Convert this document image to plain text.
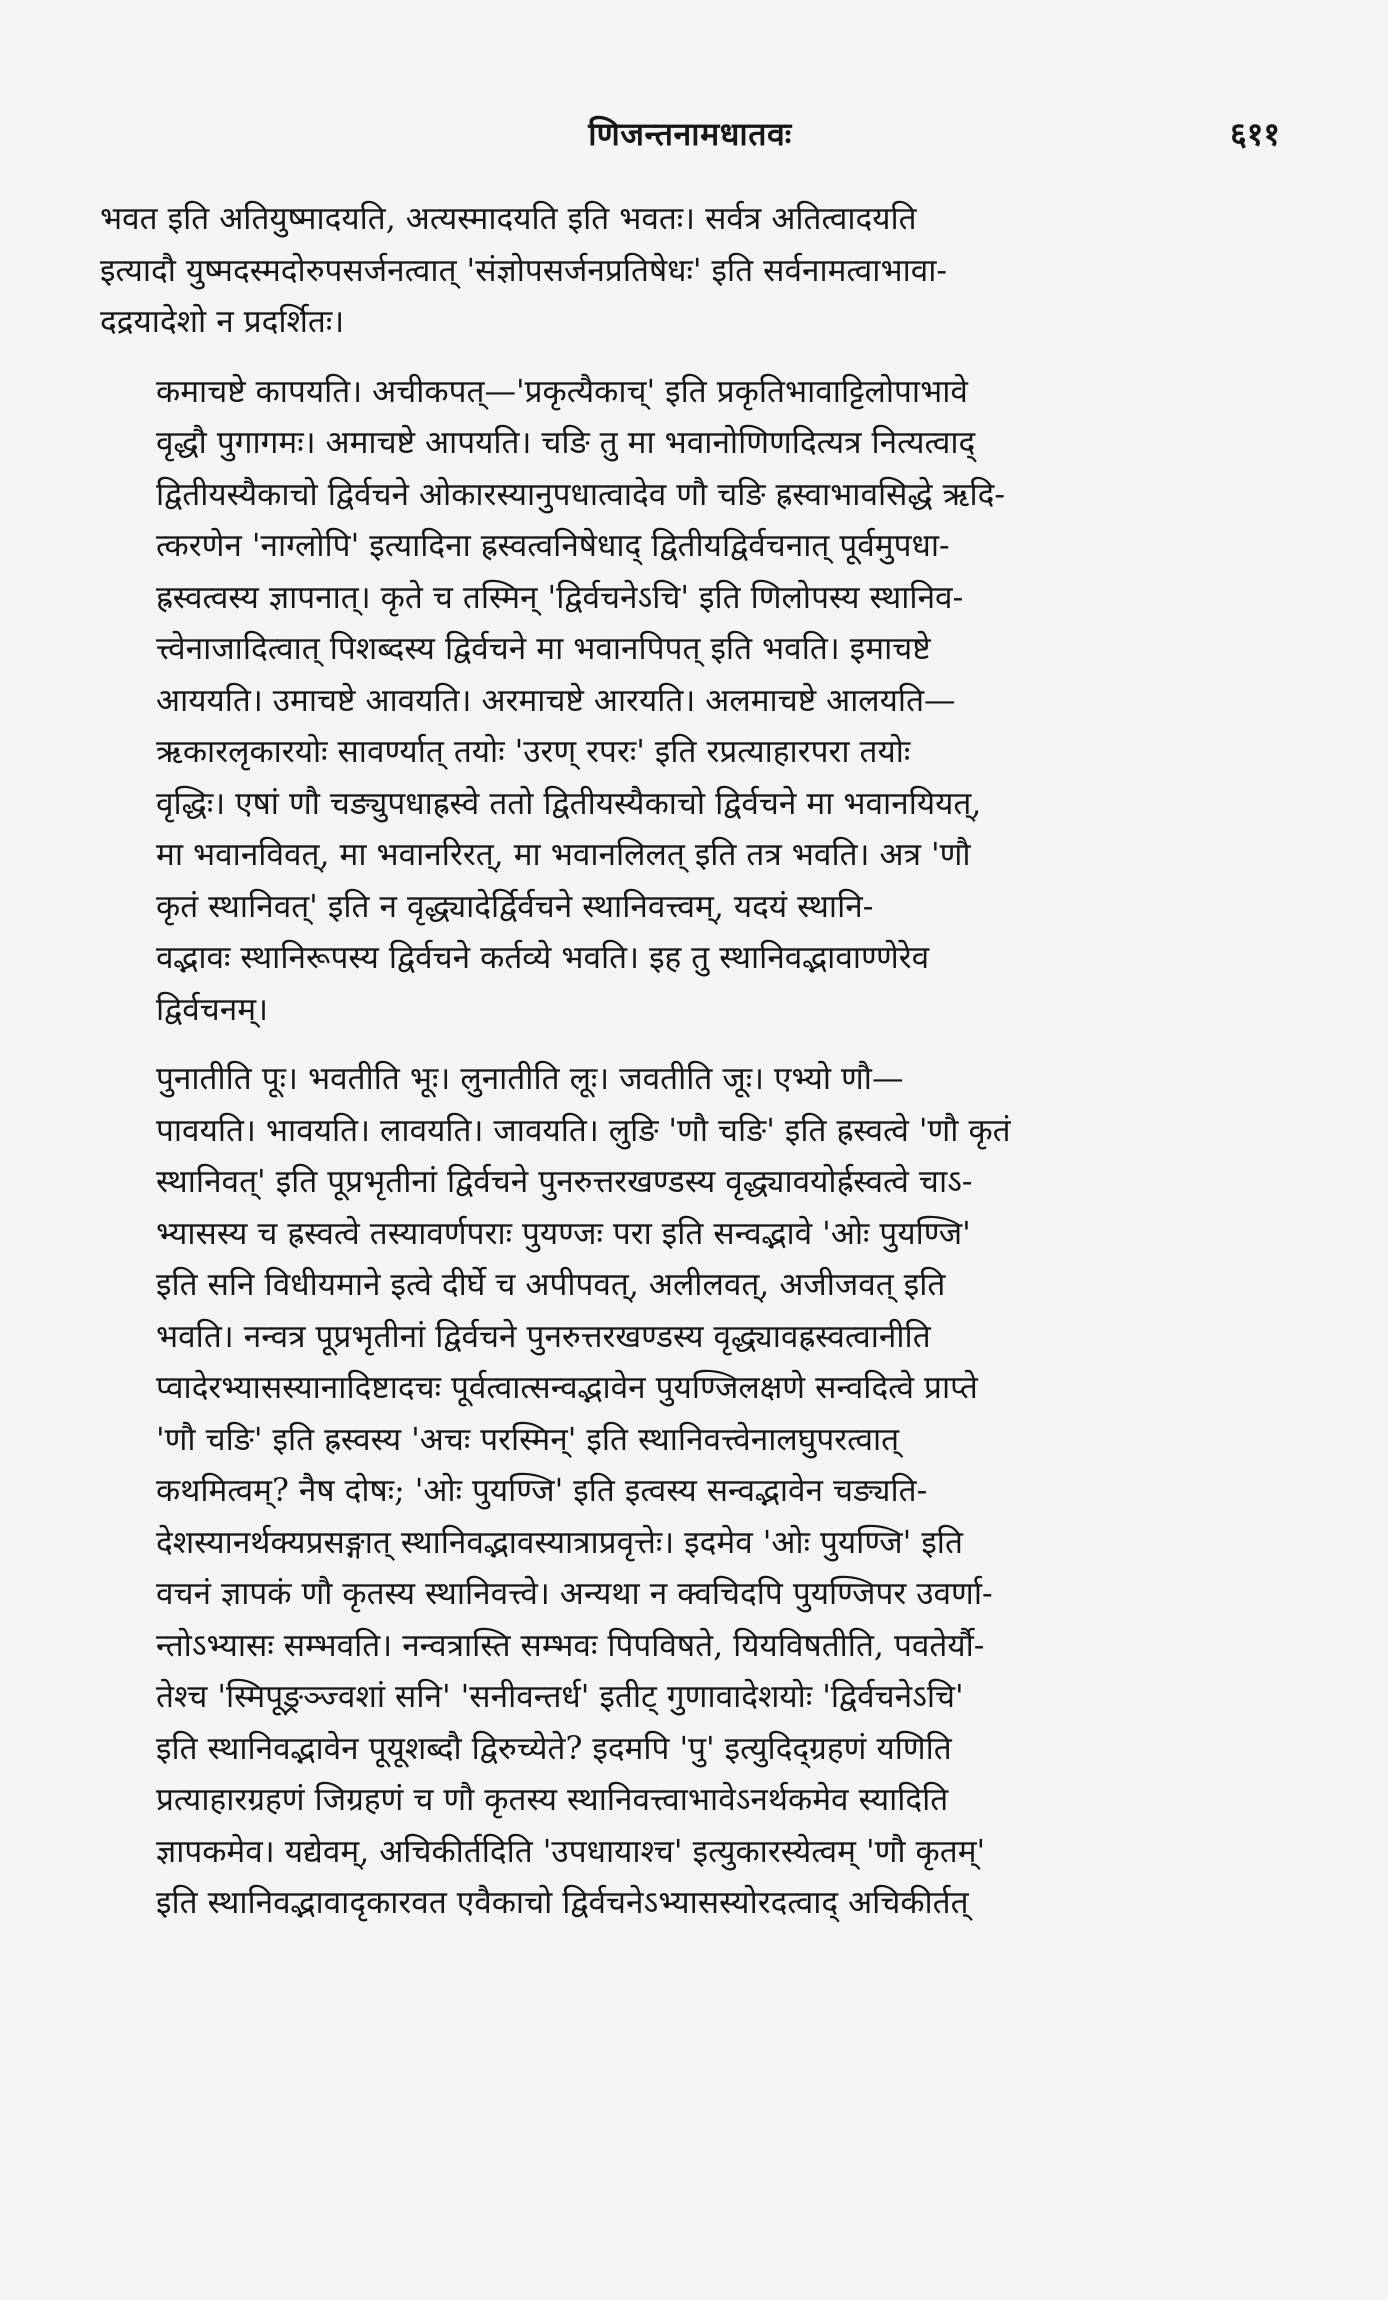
णिजन्तनामधातवः	६११

भवत इति अतियुष्मादयति, अत्यस्मादयति इति भवतः। सर्वत्र अतित्वादयति
इत्यादौ युष्मदस्मदोरुपसर्जनत्वात् 'संज्ञोपसर्जनप्रतिषेधः' इति सर्वनामत्वाभावा-
दद्रयादेशो न प्रदर्शितः।

कमाचष्टे कापयति। अचीकपत्—'प्रकृत्यैकाच्' इति प्रकृतिभावाट्टिलोपाभावे
वृद्धौ पुगागमः। अमाचष्टे आपयति। चङि तु मा भवानोणिणदित्यत्र नित्यत्वाद्
द्वितीयस्यैकाचो द्विर्वचने ओकारस्यानुपधात्वादेव णौ चङि ह्रस्वाभावसिद्धे ऋदि-
त्करणेन 'नाग्लोपि' इत्यादिना ह्रस्वत्वनिषेधाद् द्वितीयद्विर्वचनात् पूर्वमुपधा-
ह्रस्वत्वस्य ज्ञापनात्। कृते च तस्मिन् 'द्विर्वचनेऽचि' इति णिलोपस्य स्थानिव-
त्त्वेनाजादित्वात् पिशब्दस्य द्विर्वचने मा भवानपिपत् इति भवति। इमाचष्टे
आययति। उमाचष्टे आवयति। अरमाचष्टे आरयति। अलमाचष्टे आलयति—
ऋकारलृकारयोः सावर्ण्यात् तयोः 'उरण् रपरः' इति रप्रत्याहारपरा तयोः
वृद्धिः। एषां णौ चङ्युपधाह्रस्वे ततो द्वितीयस्यैकाचो द्विर्वचने मा भवानयियत्,
मा भवानविवत्, मा भवानरिरत्, मा भवानलिलत् इति तत्र भवति। अत्र 'णौ
कृतं स्थानिवत्' इति न वृद्ध्यादेर्द्विर्वचने स्थानिवत्त्वम्, यदयं स्थानि-
वद्भावः स्थानिरूपस्य द्विर्वचने कर्तव्ये भवति। इह तु स्थानिवद्भावाण्णेरेव
द्विर्वचनम्।

पुनातीति पूः। भवतीति भूः। लुनातीति लूः। जवतीति जूः। एभ्यो णौ—
पावयति। भावयति। लावयति। जावयति। लुङि 'णौ चङि' इति ह्रस्वत्वे 'णौ कृतं
स्थानिवत्' इति पूप्रभृतीनां द्विर्वचने पुनरुत्तरखण्डस्य वृद्ध्यावयोर्ह्रस्वत्वे चाऽ-
भ्यासस्य च ह्रस्वत्वे तस्यावर्णपराः पुयण्जः परा इति सन्वद्भावे 'ओः पुयण्जि'
इति सनि विधीयमाने इत्वे दीर्घे च अपीपवत्, अलीलवत्, अजीजवत् इति
भवति। नन्वत्र पूप्रभृतीनां द्विर्वचने पुनरुत्तरखण्डस्य वृद्ध्यावह्रस्वत्वानीति
प्वादेरभ्यासस्यानादिष्टादचः पूर्वत्वात्सन्वद्भावेन पुयण्जिलक्षणे सन्वदित्वे प्राप्ते
'णौ चङि' इति ह्रस्वस्य 'अचः परस्मिन्' इति स्थानिवत्त्वेनालघुपरत्वात्
कथमित्वम्? नैष दोषः; 'ओः पुयण्जि' इति इत्वस्य सन्वद्भावेन चङ्यति-
देशस्यानर्थक्यप्रसङ्गात् स्थानिवद्भावस्यात्राप्रवृत्तेः। इदमेव 'ओः पुयण्जि' इति
वचनं ज्ञापकं णौ कृतस्य स्थानिवत्त्वे। अन्यथा न क्वचिदपि पुयण्जिपर उवर्णा-
न्तोऽभ्यासः सम्भवति। नन्वत्रास्ति सम्भवः पिपविषते, यियविषतीति, पवतेर्यौ-
तेश्च 'स्मिपूङ्रञ्ज्वशां सनि' 'सनीवन्तर्ध' इतीट् गुणावादेशयोः 'द्विर्वचनेऽचि'
इति स्थानिवद्भावेन पूयूशब्दौ द्विरुच्येते? इदमपि 'पु' इत्युदिद्ग्रहणं यणिति
प्रत्याहारग्रहणं जिग्रहणं च णौ कृतस्य स्थानिवत्त्वाभावेऽनर्थकमेव स्यादिति
ज्ञापकमेव। यद्येवम्, अचिकीर्तदिति 'उपधायाश्च' इत्युकारस्येत्वम् 'णौ कृतम्'
इति स्थानिवद्भावादृकारवत एवैकाचो द्विर्वचनेऽभ्यासस्योरदत्वाद् अचिकीर्तत्
